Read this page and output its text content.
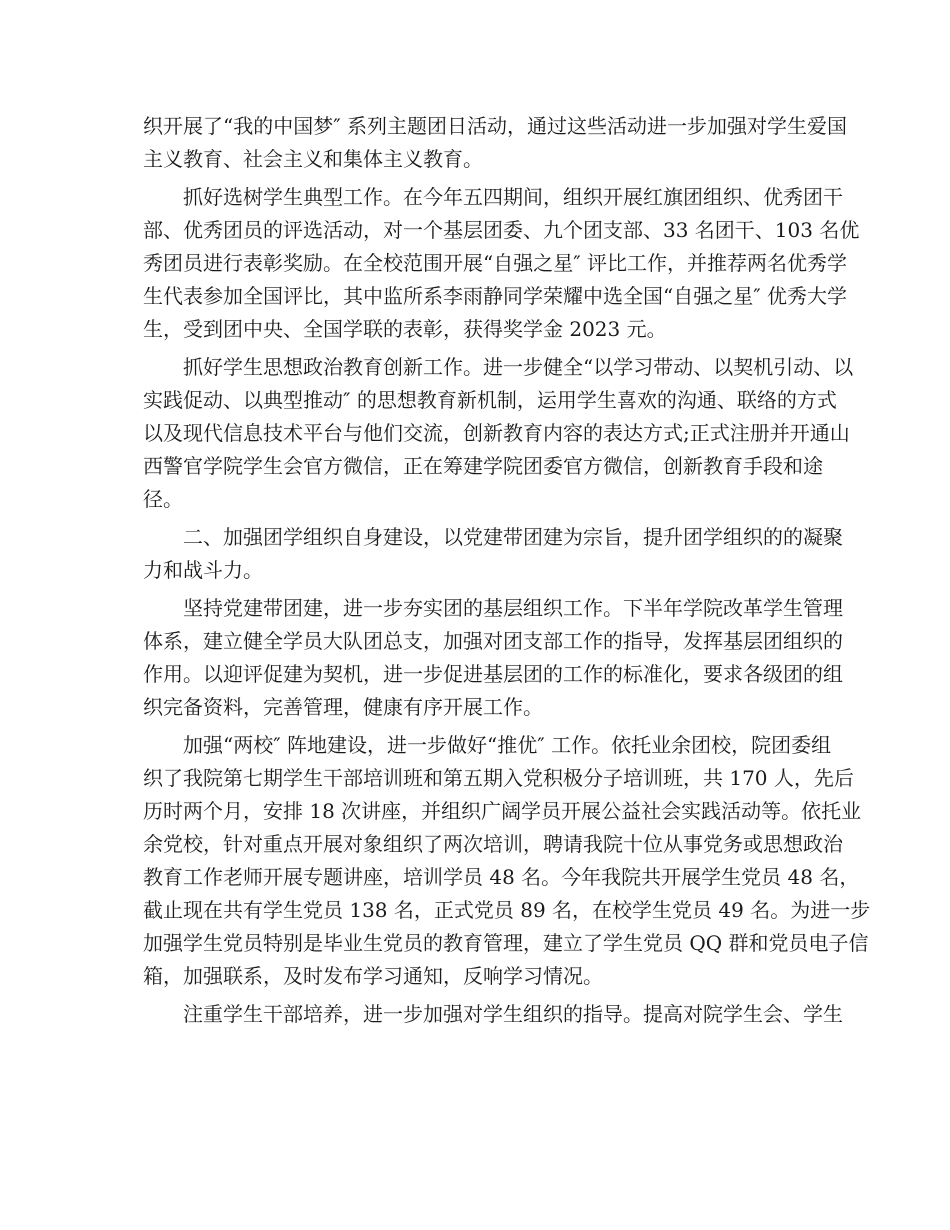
织开展了“我的中国梦″ 系列主题团日活动，通过这些活动进一步加强对学生爱国
主义教育、社会主义和集体主义教育。
抓好选树学生典型工作。在今年五四期间，组织开展红旗团组织、优秀团干
部、优秀团员的评选活动，对一个基层团委、九个团支部、33 名团干、103 名优
秀团员进行表彰奖励。在全校范围开展“自强之星″ 评比工作，并推荐两名优秀学
生代表参加全国评比，其中监所系李雨静同学荣耀中选全国“自强之星″ 优秀大学
生，受到团中央、全国学联的表彰，获得奖学金 2023 元。
抓好学生思想政治教育创新工作。进一步健全“以学习带动、以契机引动、以
实践促动、以典型推动″ 的思想教育新机制，运用学生喜欢的沟通、联络的方式
以及现代信息技术平台与他们交流，创新教育内容的表达方式;正式注册并开通山
西警官学院学生会官方微信，正在筹建学院团委官方微信，创新教育手段和途
径。
二、加强团学组织自身建设，以党建带团建为宗旨，提升团学组织的的凝聚
力和战斗力。
坚持党建带团建，进一步夯实团的基层组织工作。下半年学院改革学生管理
体系，建立健全学员大队团总支，加强对团支部工作的指导，发挥基层团组织的
作用。以迎评促建为契机，进一步促进基层团的工作的标准化，要求各级团的组
织完备资料，完善管理，健康有序开展工作。
加强“两校″ 阵地建设，进一步做好“推优″ 工作。依托业余团校，院团委组
织了我院第七期学生干部培训班和第五期入党积极分子培训班，共 170 人，先后
历时两个月，安排 18 次讲座，并组织广阔学员开展公益社会实践活动等。依托业
余党校，针对重点开展对象组织了两次培训，聘请我院十位从事党务或思想政治
教育工作老师开展专题讲座，培训学员 48 名。今年我院共开展学生党员 48 名，
截止现在共有学生党员 138 名，正式党员 89 名，在校学生党员 49 名。为进一步
加强学生党员特别是毕业生党员的教育管理，建立了学生党员 QQ 群和党员电子信
箱，加强联系，及时发布学习通知，反响学习情况。
注重学生干部培养，进一步加强对学生组织的指导。提高对院学生会、学生
